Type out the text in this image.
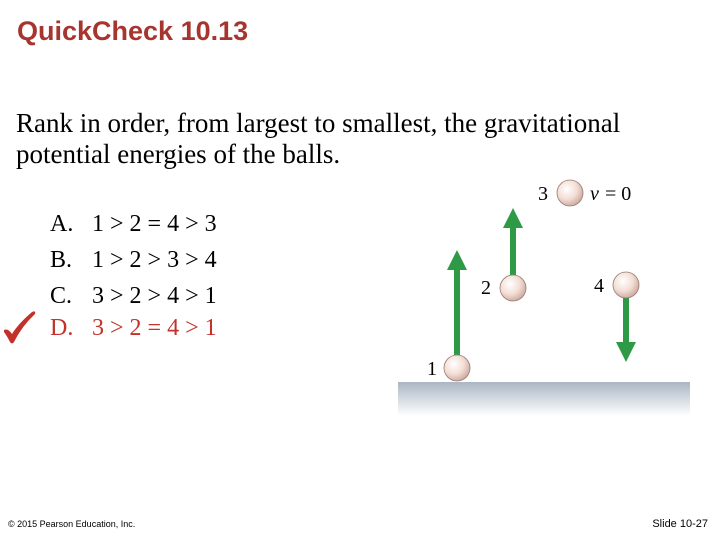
QuickCheck 10.13
Rank in order, from largest to smallest, the gravitational potential energies of the balls.
A. 1 > 2 = 4 > 3
B. 1 > 2 > 3 > 4
C. 3 > 2 > 4 > 1
D. 3 > 2 = 4 > 1
1
2
3 v = 0
4
© 2015 Pearson Education, Inc.	Slide 10-27
